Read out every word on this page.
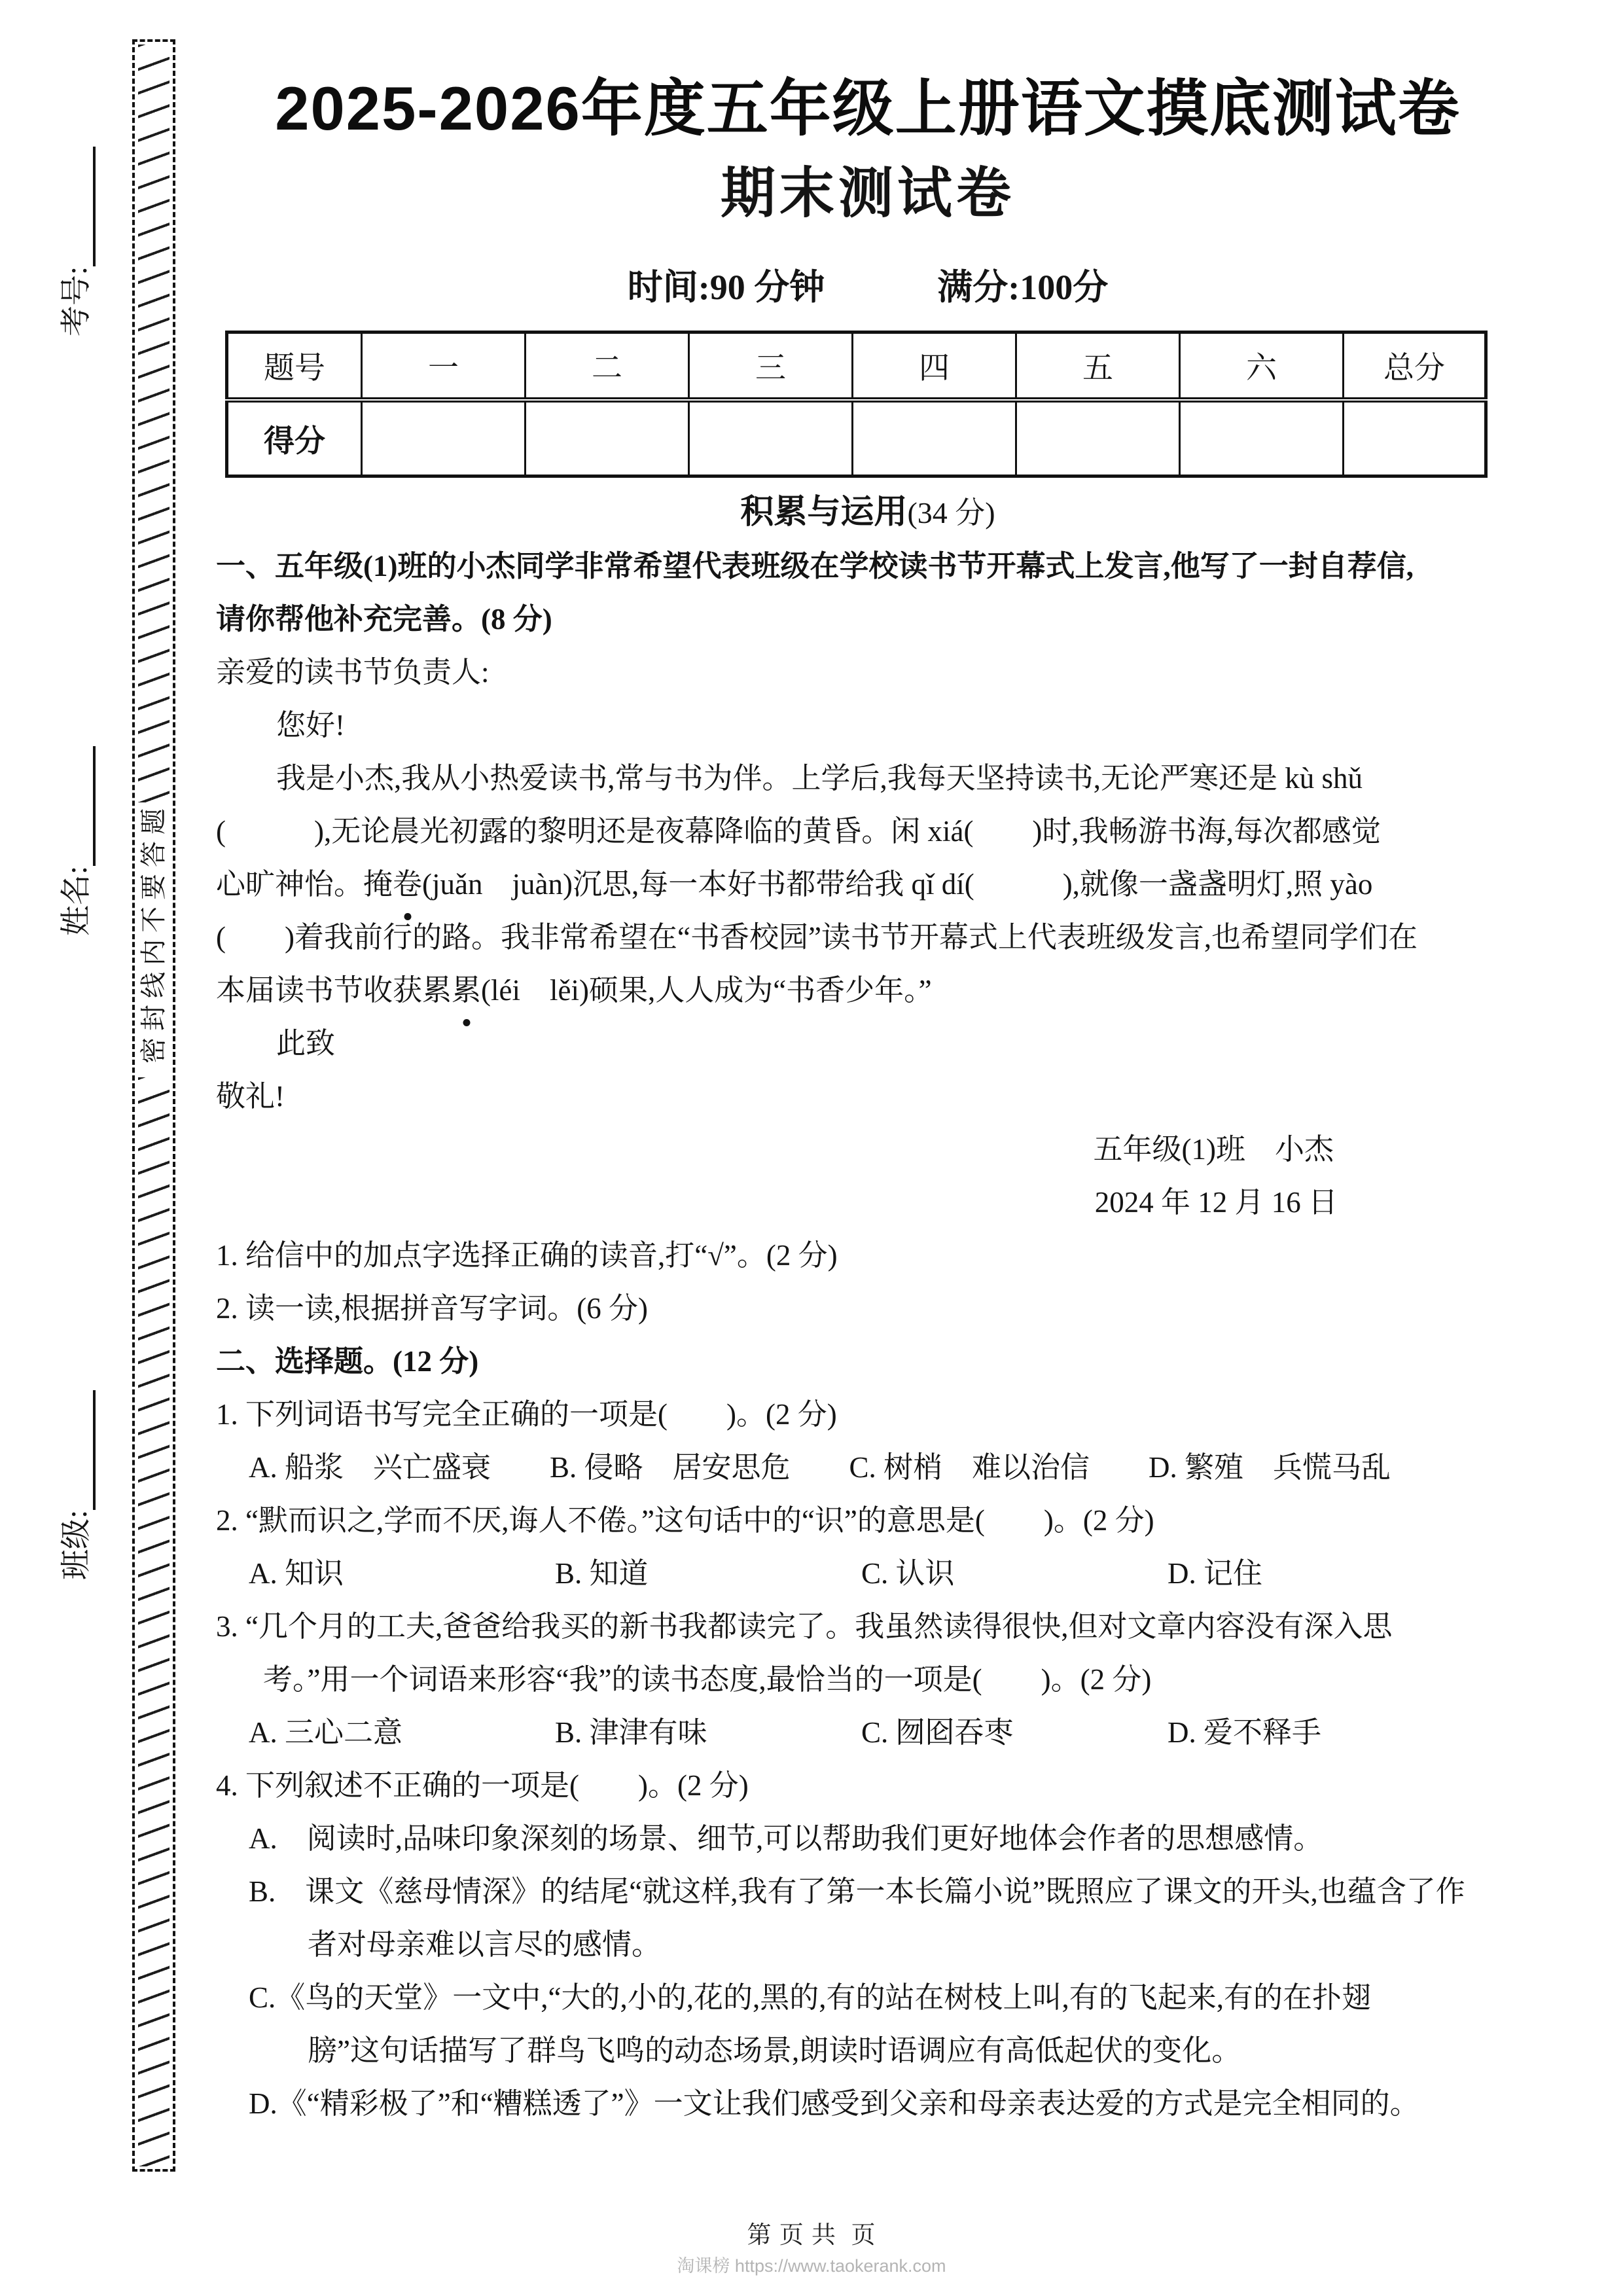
考号:
姓名:
班级:
密 封 线 内 不 要 答 题
2025-2026年度五年级上册语文摸底测试卷
期末测试卷
时间:90 分钟	满分:100分
题号	一	二	三	四	五	六	总分
得分							
积累与运用(34 分)
一、五年级(1)班的小杰同学非常希望代表班级在学校读书节开幕式上发言,他写了一封自荐信,
请你帮他补充完善。(8 分)
亲爱的读书节负责人:
您好!
我是小杰,我从小热爱读书,常与书为伴。上学后,我每天坚持读书,无论严寒还是 kù shǔ
(　　　),无论晨光初露的黎明还是夜幕降临的黄昏。闲 xiá(　　)时,我畅游书海,每次都感觉
心旷神怡。掩卷(juǎn　juàn)沉思,每一本好书都带给我 qǐ dí(　　　),就像一盏盏明灯,照 yào
(　　)着我前行的路。我非常希望在“书香校园”读书节开幕式上代表班级发言,也希望同学们在
本届读书节收获累累(léi　lěi)硕果,人人成为“书香少年。”
此致
敬礼!
五年级(1)班　小杰
2024 年 12 月 16 日
1. 给信中的加点字选择正确的读音,打“√”。(2 分)
2. 读一读,根据拼音写字词。(6 分)
二、选择题。(12 分)
1. 下列词语书写完全正确的一项是(　　)。(2 分)
A. 船浆　兴亡盛衰　　B. 侵略　居安思危　　C. 树梢　难以治信　　D. 繁殖　兵慌马乱
2. “默而识之,学而不厌,诲人不倦。”这句话中的“识”的意思是(　　)。(2 分)
A. 知识	B. 知道	C. 认识	D. 记住
3. “几个月的工夫,爸爸给我买的新书我都读完了。我虽然读得很快,但对文章内容没有深入思
考。”用一个词语来形容“我”的读书态度,最恰当的一项是(　　)。(2 分)
A. 三心二意	B. 津津有味	C. 囫囵吞枣	D. 爱不释手
4. 下列叙述不正确的一项是(　　)。(2 分)
A.　阅读时,品味印象深刻的场景、细节,可以帮助我们更好地体会作者的思想感情。
B.　课文《慈母情深》的结尾“就这样,我有了第一本长篇小说”既照应了课文的开头,也蕴含了作
者对母亲难以言尽的感情。
C.《鸟的天堂》一文中,“大的,小的,花的,黑的,有的站在树枝上叫,有的飞起来,有的在扑翅
膀”这句话描写了群鸟飞鸣的动态场景,朗读时语调应有高低起伏的变化。
D.《“精彩极了”和“糟糕透了”》一文让我们感受到父亲和母亲表达爱的方式是完全相同的。
第 页 共  页
淘课榜 https://www.taokerank.com
